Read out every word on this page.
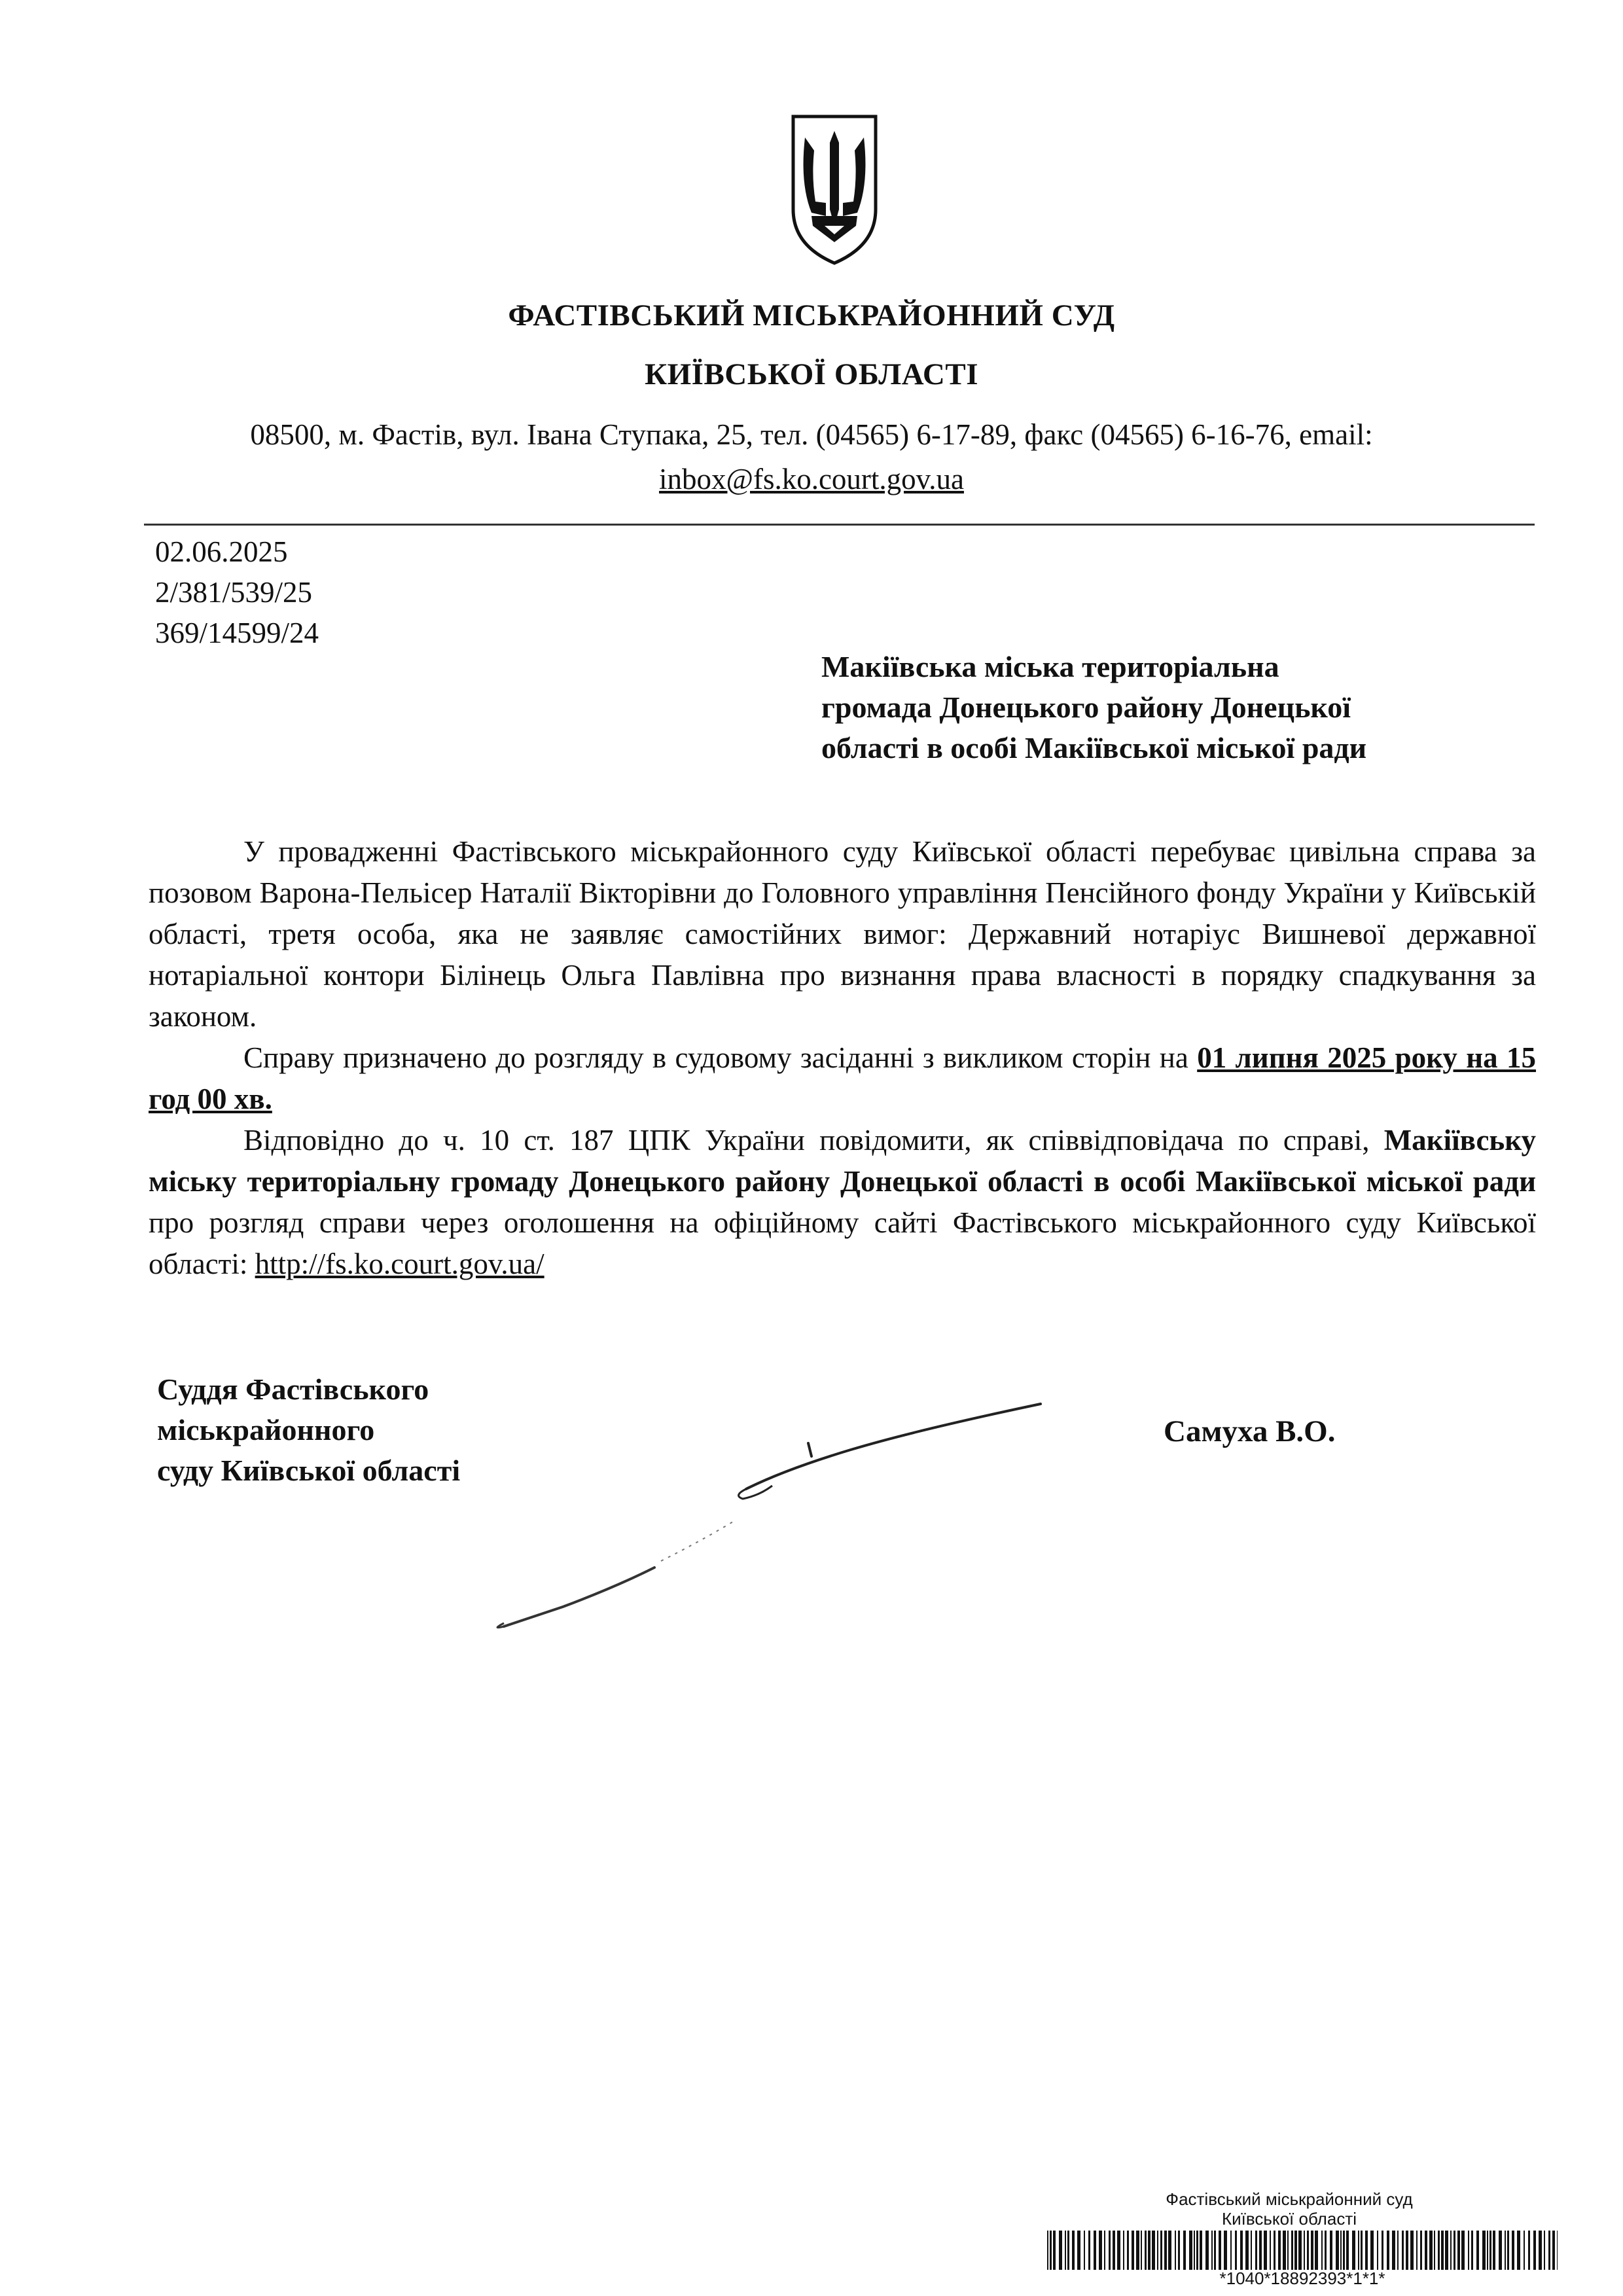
ФАСТІВСЬКИЙ МІСЬКРАЙОННИЙ СУД
КИЇВСЬКОЇ ОБЛАСТІ
08500, м. Фастів, вул. Івана Ступака, 25, тел. (04565) 6-17-89, факс (04565) 6-16-76, email:
inbox@fs.ko.court.gov.ua
02.06.2025
2/381/539/25
369/14599/24
Макіївська міська територіальна
громада Донецького району Донецької
області в особі Макіївської міської ради

У провадженні Фастівського міськрайонного суду Київської області перебуває цивільна справа за позовом Варона-Пельісер Наталії Вікторівни до Головного управління Пенсійного фонду України у Київській області, третя особа, яка не заявляє самостійних вимог: Державний нотаріус Вишневої державної нотаріальної контори Білінець Ольга Павлівна про визнання права власності в порядку спадкування за законом.

Справу призначено до розгляду в судовому засіданні з викликом сторін на 01 липня 2025 року на 15 год 00 хв.

Відповідно до ч. 10 ст. 187 ЦПК України повідомити, як співвідповідача по справі, Макіївську міську територіальну громаду Донецького району Донецької області в особі Макіївської міської ради про розгляд справи через оголошення на офіційному сайті Фастівського міськрайонного суду Київської області: http://fs.ko.court.gov.ua/

Суддя Фастівського
міськрайонного
суду Київської області
Самуха В.О.
Фастівський міськрайонний суд
Київської області
*1040*18892393*1*1*
